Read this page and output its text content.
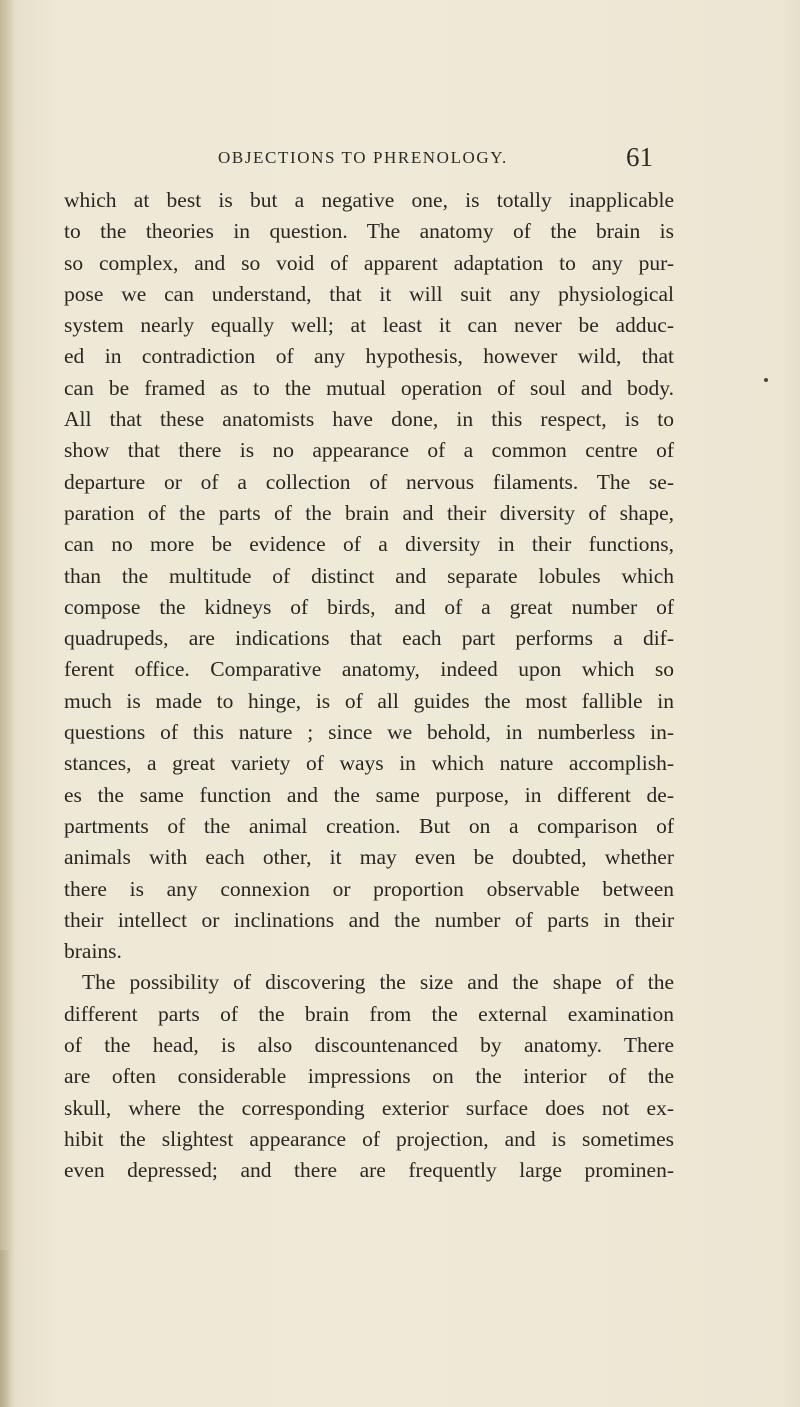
OBJECTIONS TO PHRENOLOGY.	61
which at best is but a negative one, is totally inapplicable
to the theories in question. The anatomy of the brain is
so complex, and so void of apparent adaptation to any pur-
pose we can understand, that it will suit any physiological
system nearly equally well; at least it can never be adduc-
ed in contradiction of any hypothesis, however wild, that
can be framed as to the mutual operation of soul and body.
All that these anatomists have done, in this respect, is to
show that there is no appearance of a common centre of
departure or of a collection of nervous filaments. The se-
paration of the parts of the brain and their diversity of shape,
can no more be evidence of a diversity in their functions,
than the multitude of distinct and separate lobules which
compose the kidneys of birds, and of a great number of
quadrupeds, are indications that each part performs a dif-
ferent office. Comparative anatomy, indeed upon which so
much is made to hinge, is of all guides the most fallible in
questions of this nature ; since we behold, in numberless in-
stances, a great variety of ways in which nature accomplish-
es the same function and the same purpose, in different de-
partments of the animal creation. But on a comparison of
animals with each other, it may even be doubted, whether
there is any connexion or proportion observable between
their intellect or inclinations and the number of parts in their
brains.
The possibility of discovering the size and the shape of the
different parts of the brain from the external examination
of the head, is also discountenanced by anatomy. There
are often considerable impressions on the interior of the
skull, where the corresponding exterior surface does not ex-
hibit the slightest appearance of projection, and is sometimes
even depressed; and there are frequently large prominen-
